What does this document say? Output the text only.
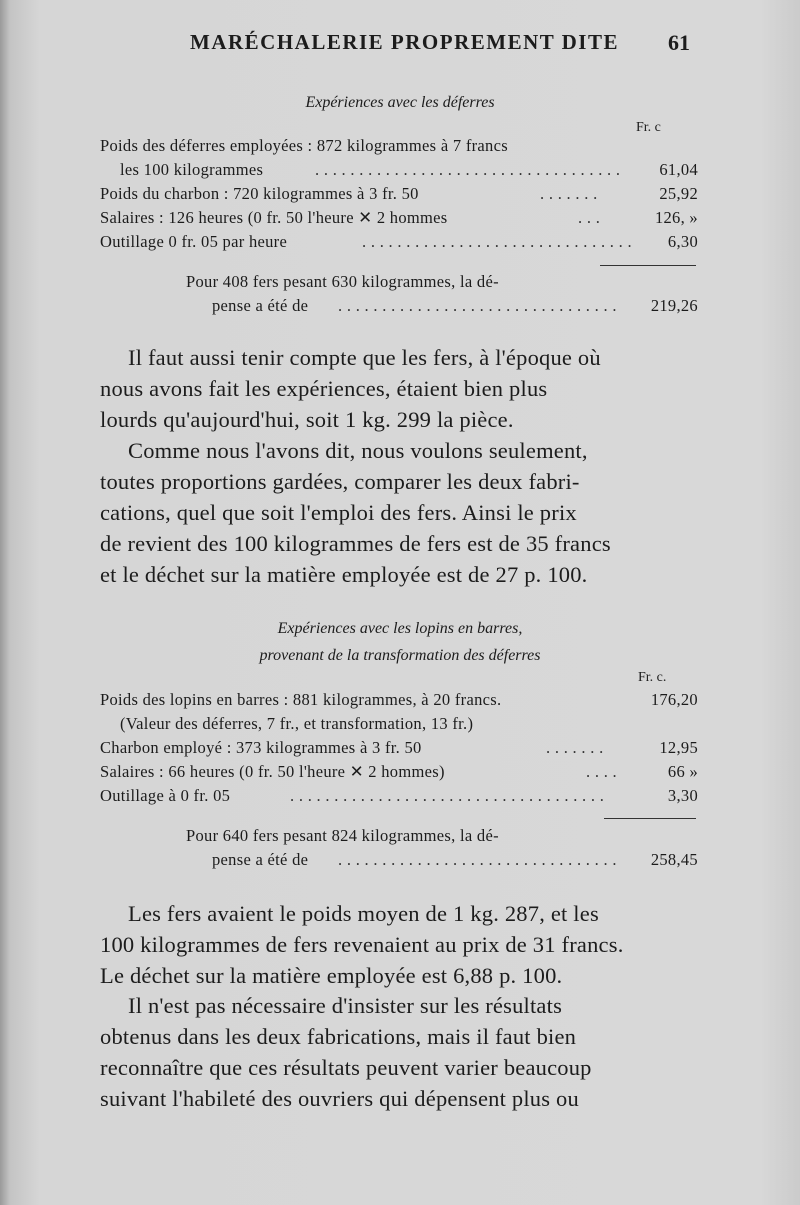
MARÉCHALERIE PROPREMENT DITE 61
Expériences avec les déferres
Fr. c
Poids des déferres employées : 872 kilogrammes à 7 francs
les 100 kilogrammes	. . . . . . . . . . . . . . . . . . . . . . . . . . . . . . . . . . . 61,04
Poids du charbon : 720 kilogrammes à 3 fr. 50	. . . . . . .	25,92
Salaires : 126 heures (0 fr. 50 l'heure ✕ 2 hommes	. . .	126, »
Outillage 0 fr. 05 par heure	. . . . . . . . . . . . . . . . . . . . . . . . . . . . . . . 6,30
Pour 408 fers pesant 630 kilogrammes, la dé-
pense a été de . . . . . . . . . . . . . . . . . . . . . . . . . . . . . . . . 219,26
Il faut aussi tenir compte que les fers, à l'époque où
nous avons fait les expériences, étaient bien plus
lourds qu'aujourd'hui, soit 1 kg. 299 la pièce.
Comme nous l'avons dit, nous voulons seulement,
toutes proportions gardées, comparer les deux fabri-
cations, quel que soit l'emploi des fers. Ainsi le prix
de revient des 100 kilogrammes de fers est de 35 francs
et le déchet sur la matière employée est de 27 p. 100.
Expériences avec les lopins en barres,
provenant de la transformation des déferres
Fr. c.
Poids des lopins en barres : 881 kilogrammes, à 20 francs.	176,20
(Valeur des déferres, 7 fr., et transformation, 13 fr.)
Charbon employé : 373 kilogrammes à 3 fr. 50	. . . . . . .	12,95
Salaires : 66 heures (0 fr. 50 l'heure ✕ 2 hommes)	. . . .	66 »
Outillage à 0 fr. 05	. . . . . . . . . . . . . . . . . . . . . . . . . . . . . . . . . . . .	3,30
Pour 640 fers pesant 824 kilogrammes, la dé-
pense a été de . . . . . . . . . . . . . . . . . . . . . . . . . . . . . . . . 258,45
Les fers avaient le poids moyen de 1 kg. 287, et les
100 kilogrammes de fers revenaient au prix de 31 francs.
Le déchet sur la matière employée est 6,88 p. 100.
Il n'est pas nécessaire d'insister sur les résultats
obtenus dans les deux fabrications, mais il faut bien
reconnaître que ces résultats peuvent varier beaucoup
suivant l'habileté des ouvriers qui dépensent plus ou
